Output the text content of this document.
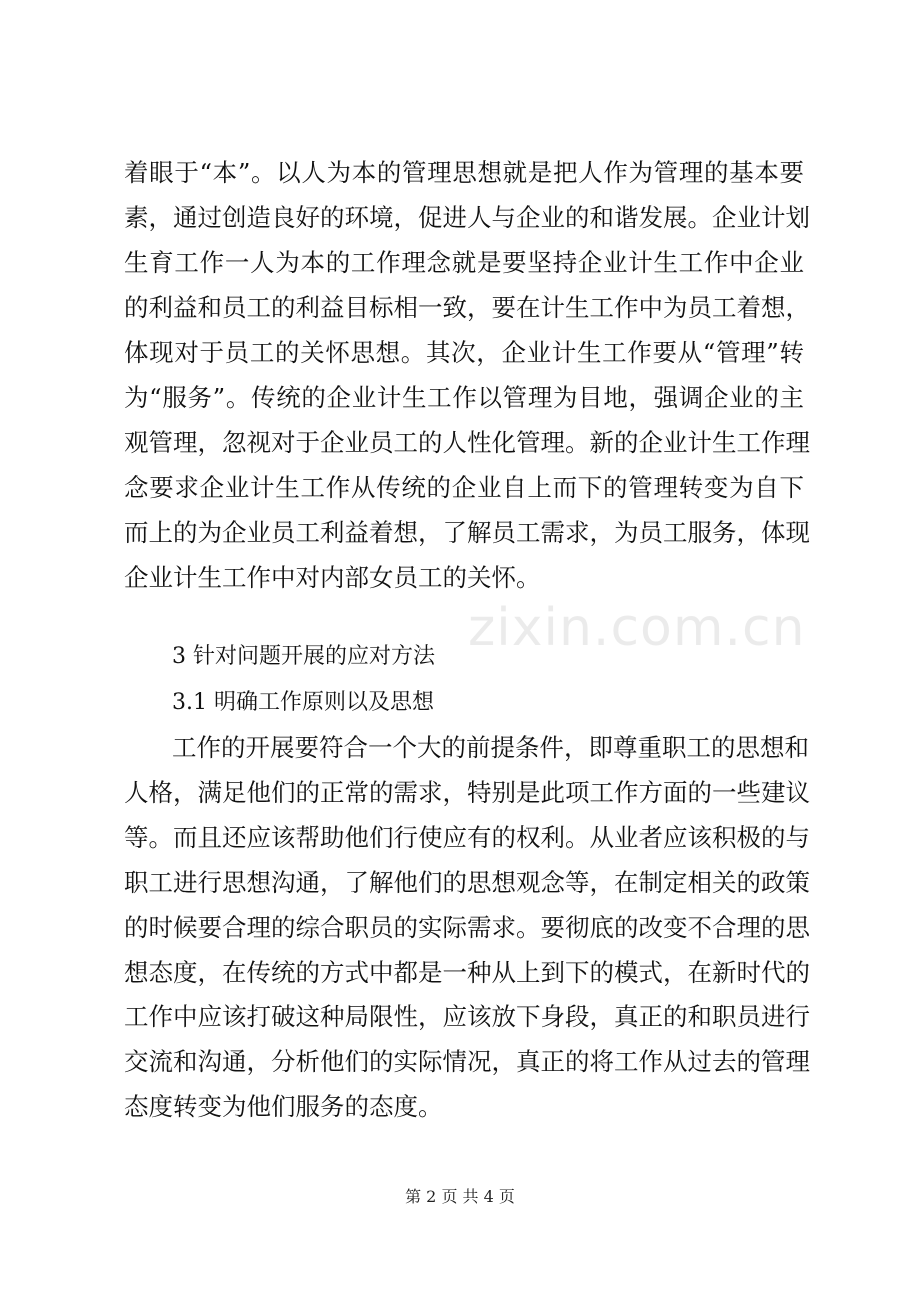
着眼于“本”。以人为本的管理思想就是把人作为管理的基本要
素，通过创造良好的环境，促进人与企业的和谐发展。企业计划
生育工作一人为本的工作理念就是要坚持企业计生工作中企业
的利益和员工的利益目标相一致，要在计生工作中为员工着想，
体现对于员工的关怀思想。其次，企业计生工作要从“管理”转
为“服务”。传统的企业计生工作以管理为目地，强调企业的主
观管理，忽视对于企业员工的人性化管理。新的企业计生工作理
念要求企业计生工作从传统的企业自上而下的管理转变为自下
而上的为企业员工利益着想，了解员工需求，为员工服务，体现
企业计生工作中对内部女员工的关怀。
zixin.com.cn
3 针对问题开展的应对方法
3.1 明确工作原则以及思想
工作的开展要符合一个大的前提条件，即尊重职工的思想和
人格，满足他们的正常的需求，特别是此项工作方面的一些建议
等。而且还应该帮助他们行使应有的权利。从业者应该积极的与
职工进行思想沟通，了解他们的思想观念等，在制定相关的政策
的时候要合理的综合职员的实际需求。要彻底的改变不合理的思
想态度，在传统的方式中都是一种从上到下的模式，在新时代的
工作中应该打破这种局限性，应该放下身段，真正的和职员进行
交流和沟通，分析他们的实际情况，真正的将工作从过去的管理
态度转变为他们服务的态度。
第 2 页 共 4 页
